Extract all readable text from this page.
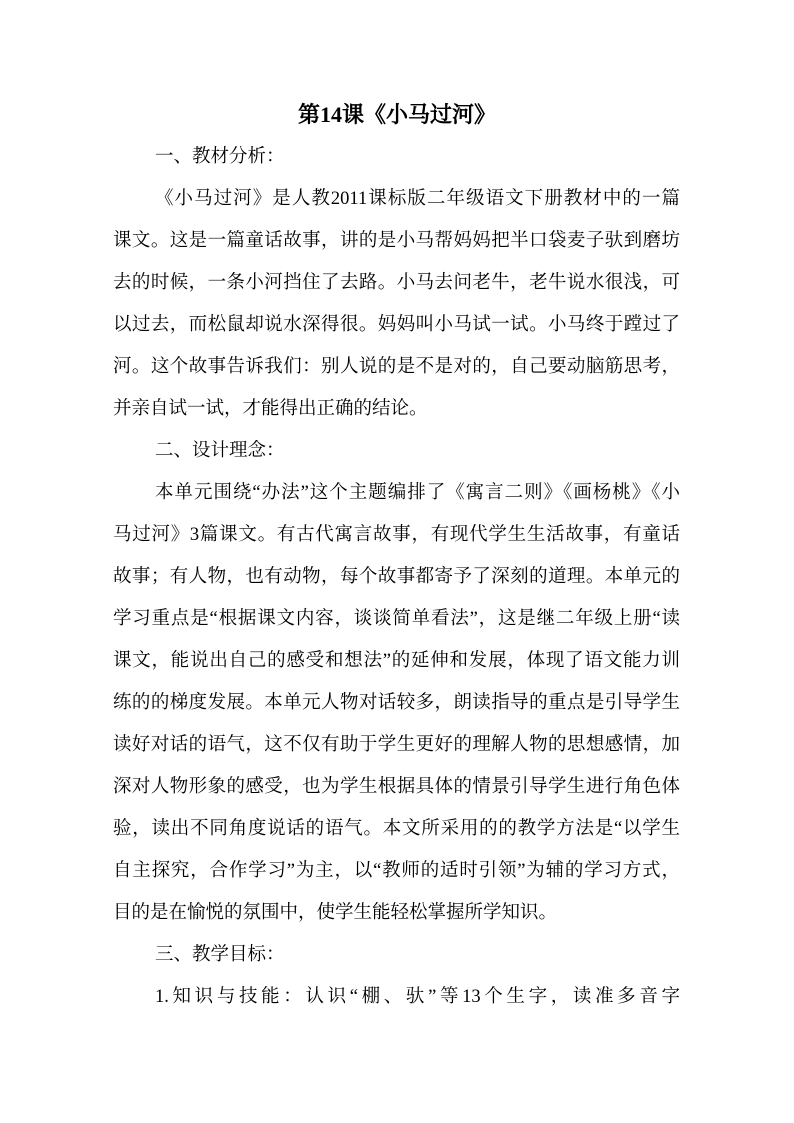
第14课《小马过河》
一、教材分析：
《小马过河》是人教2011课标版二年级语文下册教材中的一篇
课文。这是一篇童话故事，讲的是小马帮妈妈把半口袋麦子驮到磨坊
去的时候，一条小河挡住了去路。小马去问老牛，老牛说水很浅，可
以过去，而松鼠却说水深得很。妈妈叫小马试一试。小马终于蹚过了
河。这个故事告诉我们：别人说的是不是对的，自己要动脑筋思考，
并亲自试一试，才能得出正确的结论。
二、设计理念：
本单元围绕“办法”这个主题编排了《寓言二则》《画杨桃》《小
马过河》3篇课文。有古代寓言故事，有现代学生生活故事，有童话
故事；有人物，也有动物，每个故事都寄予了深刻的道理。本单元的
学习重点是“根据课文内容，谈谈简单看法”，这是继二年级上册“读
课文，能说出自己的感受和想法”的延伸和发展，体现了语文能力训
练的的梯度发展。本单元人物对话较多，朗读指导的重点是引导学生
读好对话的语气，这不仅有助于学生更好的理解人物的思想感情，加
深对人物形象的感受，也为学生根据具体的情景引导学生进行角色体
验，读出不同角度说话的语气。本文所采用的的教学方法是“以学生
自主探究，合作学习”为主，以“教师的适时引领”为辅的学习方式，
目的是在愉悦的氛围中，使学生能轻松掌握所学知识。
三、教学目标：
1.知识与技能：认识“棚、驮”等13个生字，读准多音字
